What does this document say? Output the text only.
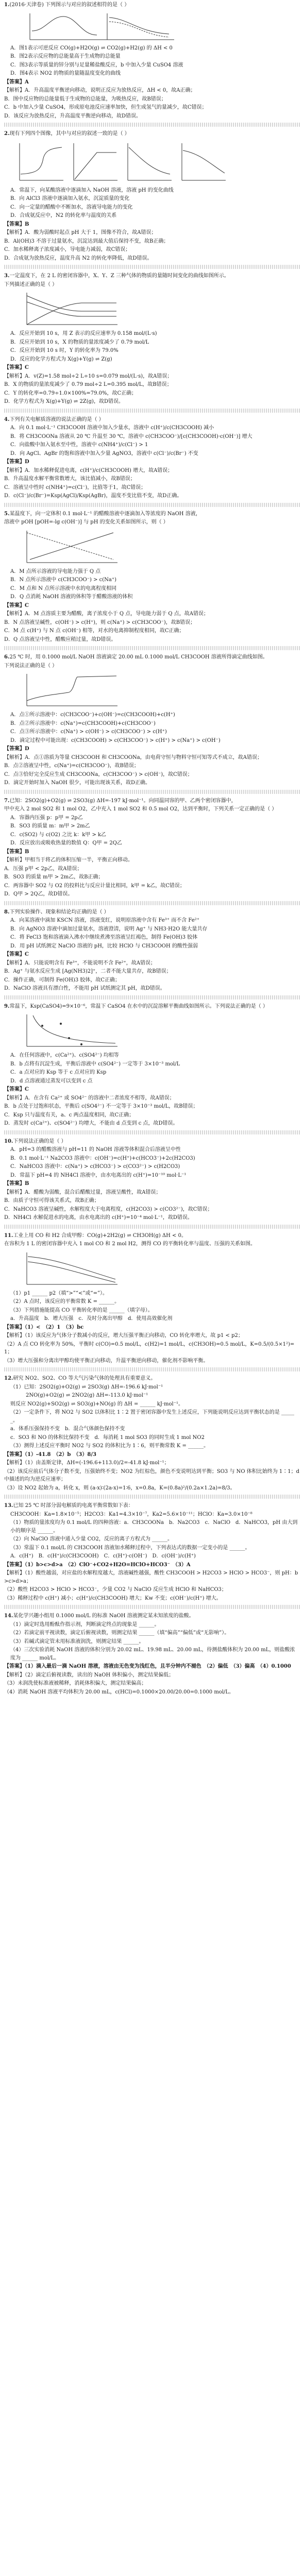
1.(2016·天津卷) 下列图示与对应的叙述相符的是（ ）

A．图1表示可逆反应 CO(g)+H2O(g) ⇌ CO2(g)+H2(g) 的 ΔH < 0

B．图2表示反应物的总能量高于生成物的总能量

C．图3表示等质量的锌分别与足量稀盐酸反应，b 中加入少量 CuSO4 溶液

D．图4表示 NO2 的物质的量随温度变化的曲线

【答案】A

【解析】A．升高温度平衡逆向移动，说明正反应为放热反应，ΔH < 0，故A正确；

B．图中反应物的总能量低于生成物的总能量，为吸热反应，故B错误；

C．b 中加入少量 CuSO4，形成原电池反应速率加快，但生成氢气的量减少，故C错误；

D．该反应为放热反应，升高温度平衡逆向移动，故D错误。

2.现有下列四个图像，其中与对应的叙述一致的是（ ）

A．常温下，向某酸溶液中逐滴加入 NaOH 溶液，溶液 pH 的变化曲线

B．向 AlCl3 溶液中逐滴加入氨水，沉淀质量的变化

C．向一定量的醋酸中不断加水，溶液导电能力的变化

D．合成氨反应中，N2 的转化率与温度的关系

【答案】B

【解析】A．酸为弱酸时起点 pH 大于 1，图像不符合，故A错误；

B．Al(OH)3 不溶于过量氨水，沉淀达到最大值后保持不变，故B正确；

C．加水稀释离子浓度减小，导电能力减弱，故C错误；

D．合成氨为放热反应，温度升高 N2 的转化率降低，故D错误。

3.一定温度下，在 2 L 的密闭容器中，X、Y、Z 三种气体的物质的量随时间变化的曲线如图所示。

下列描述正确的是（ ）

A．反应开始到 10 s，用 Z 表示的反应速率为 0.158 mol/(L·s)

B．反应开始到 10 s，X 的物质的量浓度减少了 0.79 mol/L

C．反应开始到 10 s 时，Y 的转化率为 79.0%

D．反应的化学方程式为 X(g)+Y(g) ⇌ Z(g)

【答案】C

【解析】A．v(Z)=1.58 mol÷2 L÷10 s=0.079 mol/(L·s)，故A错误；

B．X 的物质的量浓度减少了 0.79 mol÷2 L=0.395 mol/L，故B错误；

C．Y 的转化率=0.79÷1.0×100%=79.0%，故C正确；

D．化学方程式为 X(g)+Y(g) ⇌ 2Z(g)，故D错误。

4.下列有关电解质溶液的说法正确的是（ ）

A．向 0.1 mol·L⁻¹ CH3COOH 溶液中加入少量水，溶液中 c(H⁺)/c(CH3COOH) 减小

B．将 CH3COONa 溶液从 20 ℃ 升温至 30 ℃，溶液中 c(CH3COO⁻)/[c(CH3COOH)·c(OH⁻)] 增大

C．向盐酸中加入氨水至中性，溶液中 c(NH4⁺)/c(Cl⁻) > 1

D．向 AgCl、AgBr 的饱和溶液中加入少量 AgNO3，溶液中 c(Cl⁻)/c(Br⁻) 不变

【答案】D

【解析】A．加水稀释促进电离，c(H⁺)/c(CH3COOH) 增大，故A错误；

B．升高温度水解平衡常数增大，该比值减小，故B错误；

C．溶液呈中性时 c(NH4⁺)=c(Cl⁻)，比值等于1，故C错误；

D．c(Cl⁻)/c(Br⁻)=Ksp(AgCl)/Ksp(AgBr)，温度不变比值不变，故D正确。

5.某温度下，向一定体积 0.1 mol·L⁻¹ 的醋酸溶液中逐滴加入等浓度的 NaOH 溶液，

溶液中 pOH [pOH=-lg c(OH⁻)] 与 pH 的变化关系如图所示，则（ ）

A．M 点所示溶液的导电能力强于 Q 点

B．N 点所示溶液中 c(CH3COO⁻) > c(Na⁺)

C．M 点和 N 点所示溶液中水的电离程度相同

D．Q 点消耗 NaOH 溶液的体积等于醋酸溶液的体积

【答案】C

【解析】A．M 点溶质主要为醋酸，离子浓度小于 Q 点，导电能力弱于 Q 点，故A错误；

B．N 点溶液呈碱性，c(OH⁻) > c(H⁺)，则 c(Na⁺) > c(CH3COO⁻)，故B错误；

C．M 点 c(H⁺) 与 N 点 c(OH⁻) 相等，对水的电离抑制程度相同，故C正确；

D．Q 点溶液呈中性，醋酸应稍过量，故D错误。

6.25 ℃ 时，用 0.1000 mol/L NaOH 溶液滴定 20.00 mL 0.1000 mol/L CH3COOH 溶液所得滴定曲线如图。

下列说法正确的是（ ）

A．点①所示溶液中：c(CH3COO⁻)+c(OH⁻)=c(CH3COOH)+c(H⁺)

B．点②所示溶液中：c(Na⁺)=c(CH3COOH)+c(CH3COO⁻)

C．点③所示溶液中：c(Na⁺) > c(OH⁻) > c(CH3COO⁻) > c(H⁺)

D．滴定过程中可能出现：c(CH3COOH) > c(CH3COO⁻) > c(H⁺) > c(Na⁺) > c(OH⁻)

【答案】D

【解析】A．点①溶质为等量 CH3COOH 和 CH3COONa，由电荷守恒与物料守恒可知等式不成立，故A错误；

B．点②溶液呈中性，c(Na⁺)=c(CH3COO⁻)，故B错误；

C．点③恰好完全反应生成 CH3COONa，c(CH3COO⁻) > c(OH⁻)，故C错误；

D．滴定开始时加入 NaOH 很少，可能出现该关系，故D正确。

7.已知：2SO2(g)+O2(g) ⇌ 2SO3(g) ΔH=-197 kJ·mol⁻¹。向同温同容的甲、乙两个密闭容器中，

甲中充入 2 mol SO2 和 1 mol O2，乙中充入 1 mol SO2 和 0.5 mol O2，达到平衡时，下列关系一定正确的是（ ）

A．容器内压强 p：p甲 = 2p乙

B．SO3 的质量 m：m甲 > 2m乙

C．c(SO2) 与 c(O2) 之比 k：k甲 > k乙

D．反应放出或吸收热量的数值 Q：Q甲 = 2Q乙

【答案】B

【解析】甲相当于将乙的体积压缩一半，平衡正向移动。

A．压强 p甲 < 2p乙，故A错误；

B．SO3 的质量 m甲 > 2m乙，故B正确；

C．两容器中 SO2 与 O2 的投料比与反应计量比相同，k甲 = k乙，故C错误；

D．Q甲 > 2Q乙，故D错误。

8.下列实验操作、现象和结论均正确的是（ ）

A．向某溶液中滴加 KSCN 溶液，溶液变红，说明原溶液中含有 Fe³⁺ 而不含 Fe²⁺

B．向 AgNO3 溶液中滴加过量氨水，溶液澄清，说明 Ag⁺ 与 NH3·H2O 能大量共存

C．将 FeCl3 饱和溶液滴入沸水中继续煮沸至溶液呈红褐色，制得 Fe(OH)3 胶体

D．用 pH 试纸测定 NaClO 溶液的 pH，比较 HClO 与 CH3COOH 的酸性强弱

【答案】C

【解析】A．只能说明含有 Fe³⁺，不能说明不含 Fe²⁺，故A错误；

B．Ag⁺ 与氨水反应生成 [Ag(NH3)2]⁺，二者不能大量共存，故B错误；

C．操作正确，可制得 Fe(OH)3 胶体，故C正确；

D．NaClO 溶液具有漂白性，不能用 pH 试纸测定其 pH，故D错误。

9.常温下，Ksp(CaSO4)=9×10⁻⁶，常温下 CaSO4 在水中的沉淀溶解平衡曲线如图所示。下列说法正确的是（ ）

A．在任何溶液中，c(Ca²⁺)、c(SO4²⁻) 均相等

B．b 点将有沉淀生成，平衡后溶液中 c(SO4²⁻) 一定等于 3×10⁻³ mol/L

C．a 点对应的 Ksp 等于 c 点对应的 Ksp

D．d 点溶液通过蒸发可以变到 c 点

【答案】C

【解析】A．在含有 Ca²⁺ 或 SO4²⁻ 的溶液中二者浓度不相等，故A错误；

B．b 点处于过饱和状态，平衡后 c(SO4²⁻) 不一定等于 3×10⁻³ mol/L，故B错误；

C．Ksp 只与温度有关，a、c 两点温度相同，故C正确；

D．蒸发时 c(Ca²⁺)、c(SO4²⁻) 均增大，不能由 d 点变到 c 点，故D错误。

10.下列说法正确的是（ ）

A．pH=3 的醋酸溶液与 pH=11 的 NaOH 溶液等体积混合后溶液呈中性

B．0.1 mol·L⁻¹ Na2CO3 溶液中：c(OH⁻)=c(H⁺)+c(HCO3⁻)+2c(H2CO3)

C．NaHCO3 溶液中：c(Na⁺) > c(HCO3⁻) > c(CO3²⁻) > c(H2CO3)

D．常温下 pH=4 的 NH4Cl 溶液中，由水电离出的 c(H⁺)=10⁻¹⁰ mol·L⁻¹

【答案】B

【解析】A．醋酸为弱酸，混合后醋酸过量，溶液呈酸性，故A错误；

B．由质子守恒可得该关系式，故B正确；

C．NaHCO3 溶液呈碱性，水解程度大于电离程度，c(H2CO3) > c(CO3²⁻)，故C错误；

D．NH4Cl 水解促进水的电离，由水电离出的 c(H⁺)=10⁻⁴ mol·L⁻¹，故D错误。

11.工业上用 CO 和 H2 合成甲醇：CO(g)+2H2(g) ⇌ CH3OH(g) ΔH < 0。

在容积为 1 L 的密闭容器中充入 1 mol CO 和 2 mol H2，测得 CO 的平衡转化率与温度、压强的关系如图。

（1）p1 ______ p2（填“>”“<”或“=”）。

（2）A 点时，该反应的平衡常数 K = ______。

（3）下列措施能提高 CO 平衡转化率的是 ______（填字母）。

a．升高温度　b．增大压强　c．及时分离出甲醇　d．使用高效催化剂

【答案】（1）<　（2）1　（3）bc

【解析】（1）该反应为气体分子数减小的反应，增大压强平衡正向移动，CO 转化率增大，故 p1 < p2；

（2）A 点 CO 转化率为 50%，平衡时 c(CO)=0.5 mol/L，c(H2)=1 mol/L，c(CH3OH)=0.5 mol/L，K=0.5/(0.5×1²)=1；

（3）增大压强和分离出甲醇均使平衡正向移动，升温平衡逆向移动，催化剂不影响平衡。

12.研究 NO2、SO2、CO 等大气污染气体的处理具有重要意义。

（1）已知：2SO2(g)+O2(g) ⇌ 2SO3(g) ΔH=-196.6 kJ·mol⁻¹

　　　2NO(g)+O2(g) ⇌ 2NO2(g) ΔH=-113.0 kJ·mol⁻¹

则反应 NO2(g)+SO2(g) ⇌ SO3(g)+NO(g) 的 ΔH = ______ kJ·mol⁻¹。

（2）一定条件下，将 NO2 与 SO2 以体积比 1∶2 置于密闭容器中发生上述反应，下列能说明反应达到平衡状态的是 ______。

a．体系压强保持不变　b．混合气体颜色保持不变

c．SO3 和 NO 的体积比保持不变　d．每消耗 1 mol SO3 的同时生成 1 mol NO2

（3）测得上述反应平衡时 NO2 与 SO2 的体积比为 1∶6，则平衡常数 K = ______。

【答案】（1）-41.8　（2）b　（3）8/3

【解析】（1）由盖斯定律，ΔH=(-196.6+113.0)/2=-41.8 kJ·mol⁻¹；

（2）该反应前后气体分子数不变，压强始终不变；NO2 为红棕色，颜色不变说明达到平衡；SO3 与 NO 体积比始终为 1∶1；d 中描述的均为逆反应速率；

（3）设 NO2 起始为 a，转化 x，则 (a-x)∶(2a-x)=1∶6，x=0.8a，K=(0.8a)²/(0.2a×1.2a)=8/3。

13.已知 25 ℃ 时部分弱电解质的电离平衡常数如下表：

CH3COOH：Ka=1.8×10⁻⁵；H2CO3：Ka1=4.3×10⁻⁷，Ka2=5.6×10⁻¹¹；HClO：Ka=3.0×10⁻⁸

（1）物质的量浓度均为 0.1 mol/L 的四种溶液：a．CH3COONa　b．Na2CO3　c．NaClO　d．NaHCO3，pH 由大到小的顺序是 ______。

（2）向 NaClO 溶液中通入少量 CO2，反应的离子方程式为 ______。

（3）常温下 0.1 mol/L 的 CH3COOH 溶液加水稀释过程中，下列表达式的数据一定变小的是 ______。

A．c(H⁺)　B．c(H⁺)/c(CH3COOH)　C．c(H⁺)·c(OH⁻)　D．c(OH⁻)/c(H⁺)

【答案】（1）b>c>d>a　（2）ClO⁻+CO2+H2O=HClO+HCO3⁻　（3）A

【解析】（1）酸性越弱，对应盐的水解程度越大，溶液碱性越强，酸性 CH3COOH > H2CO3 > HClO > HCO3⁻，则 pH：b>c>d>a；

（2）酸性 H2CO3 > HClO > HCO3⁻，少量 CO2 与 NaClO 反应生成 HClO 和 NaHCO3；

（3）稀释过程中 c(H⁺) 减小；c(H⁺)/c(CH3COOH) 增大；Kw 不变；c(OH⁻)/c(H⁺) 增大。

14.某化学兴趣小组用 0.1000 mol/L 的标准 NaOH 溶液测定某未知浓度的盐酸。

（1）滴定时选用酚酞作指示剂，判断滴定终点的现象是 ______。

（2）若滴定前平视读数，滴定后俯视读数，则测定结果 ______（填“偏高”“偏低”或“无影响”）。

（3）若碱式滴定管未用标准液润洗，则测定结果 ______。

（4）三次实验消耗 NaOH 溶液的体积分别为 20.02 mL、19.98 mL、20.00 mL，待测盐酸体积为 20.00 mL，则盐酸浓度为 ______ mol/L。

【答案】（1）滴入最后一滴 NaOH 溶液，溶液由无色变为浅红色，且半分钟内不褪色　（2）偏低　（3）偏高　（4）0.1000

【解析】（2）滴定后俯视读数，读出的 NaOH 体积偏小，测定结果偏低；

（3）未润洗使标准液被稀释，消耗体积偏大，测定结果偏高；

（4）消耗 NaOH 溶液平均体积为 20.00 mL，c(HCl)=0.1000×20.00/20.00=0.1000 mol/L。
